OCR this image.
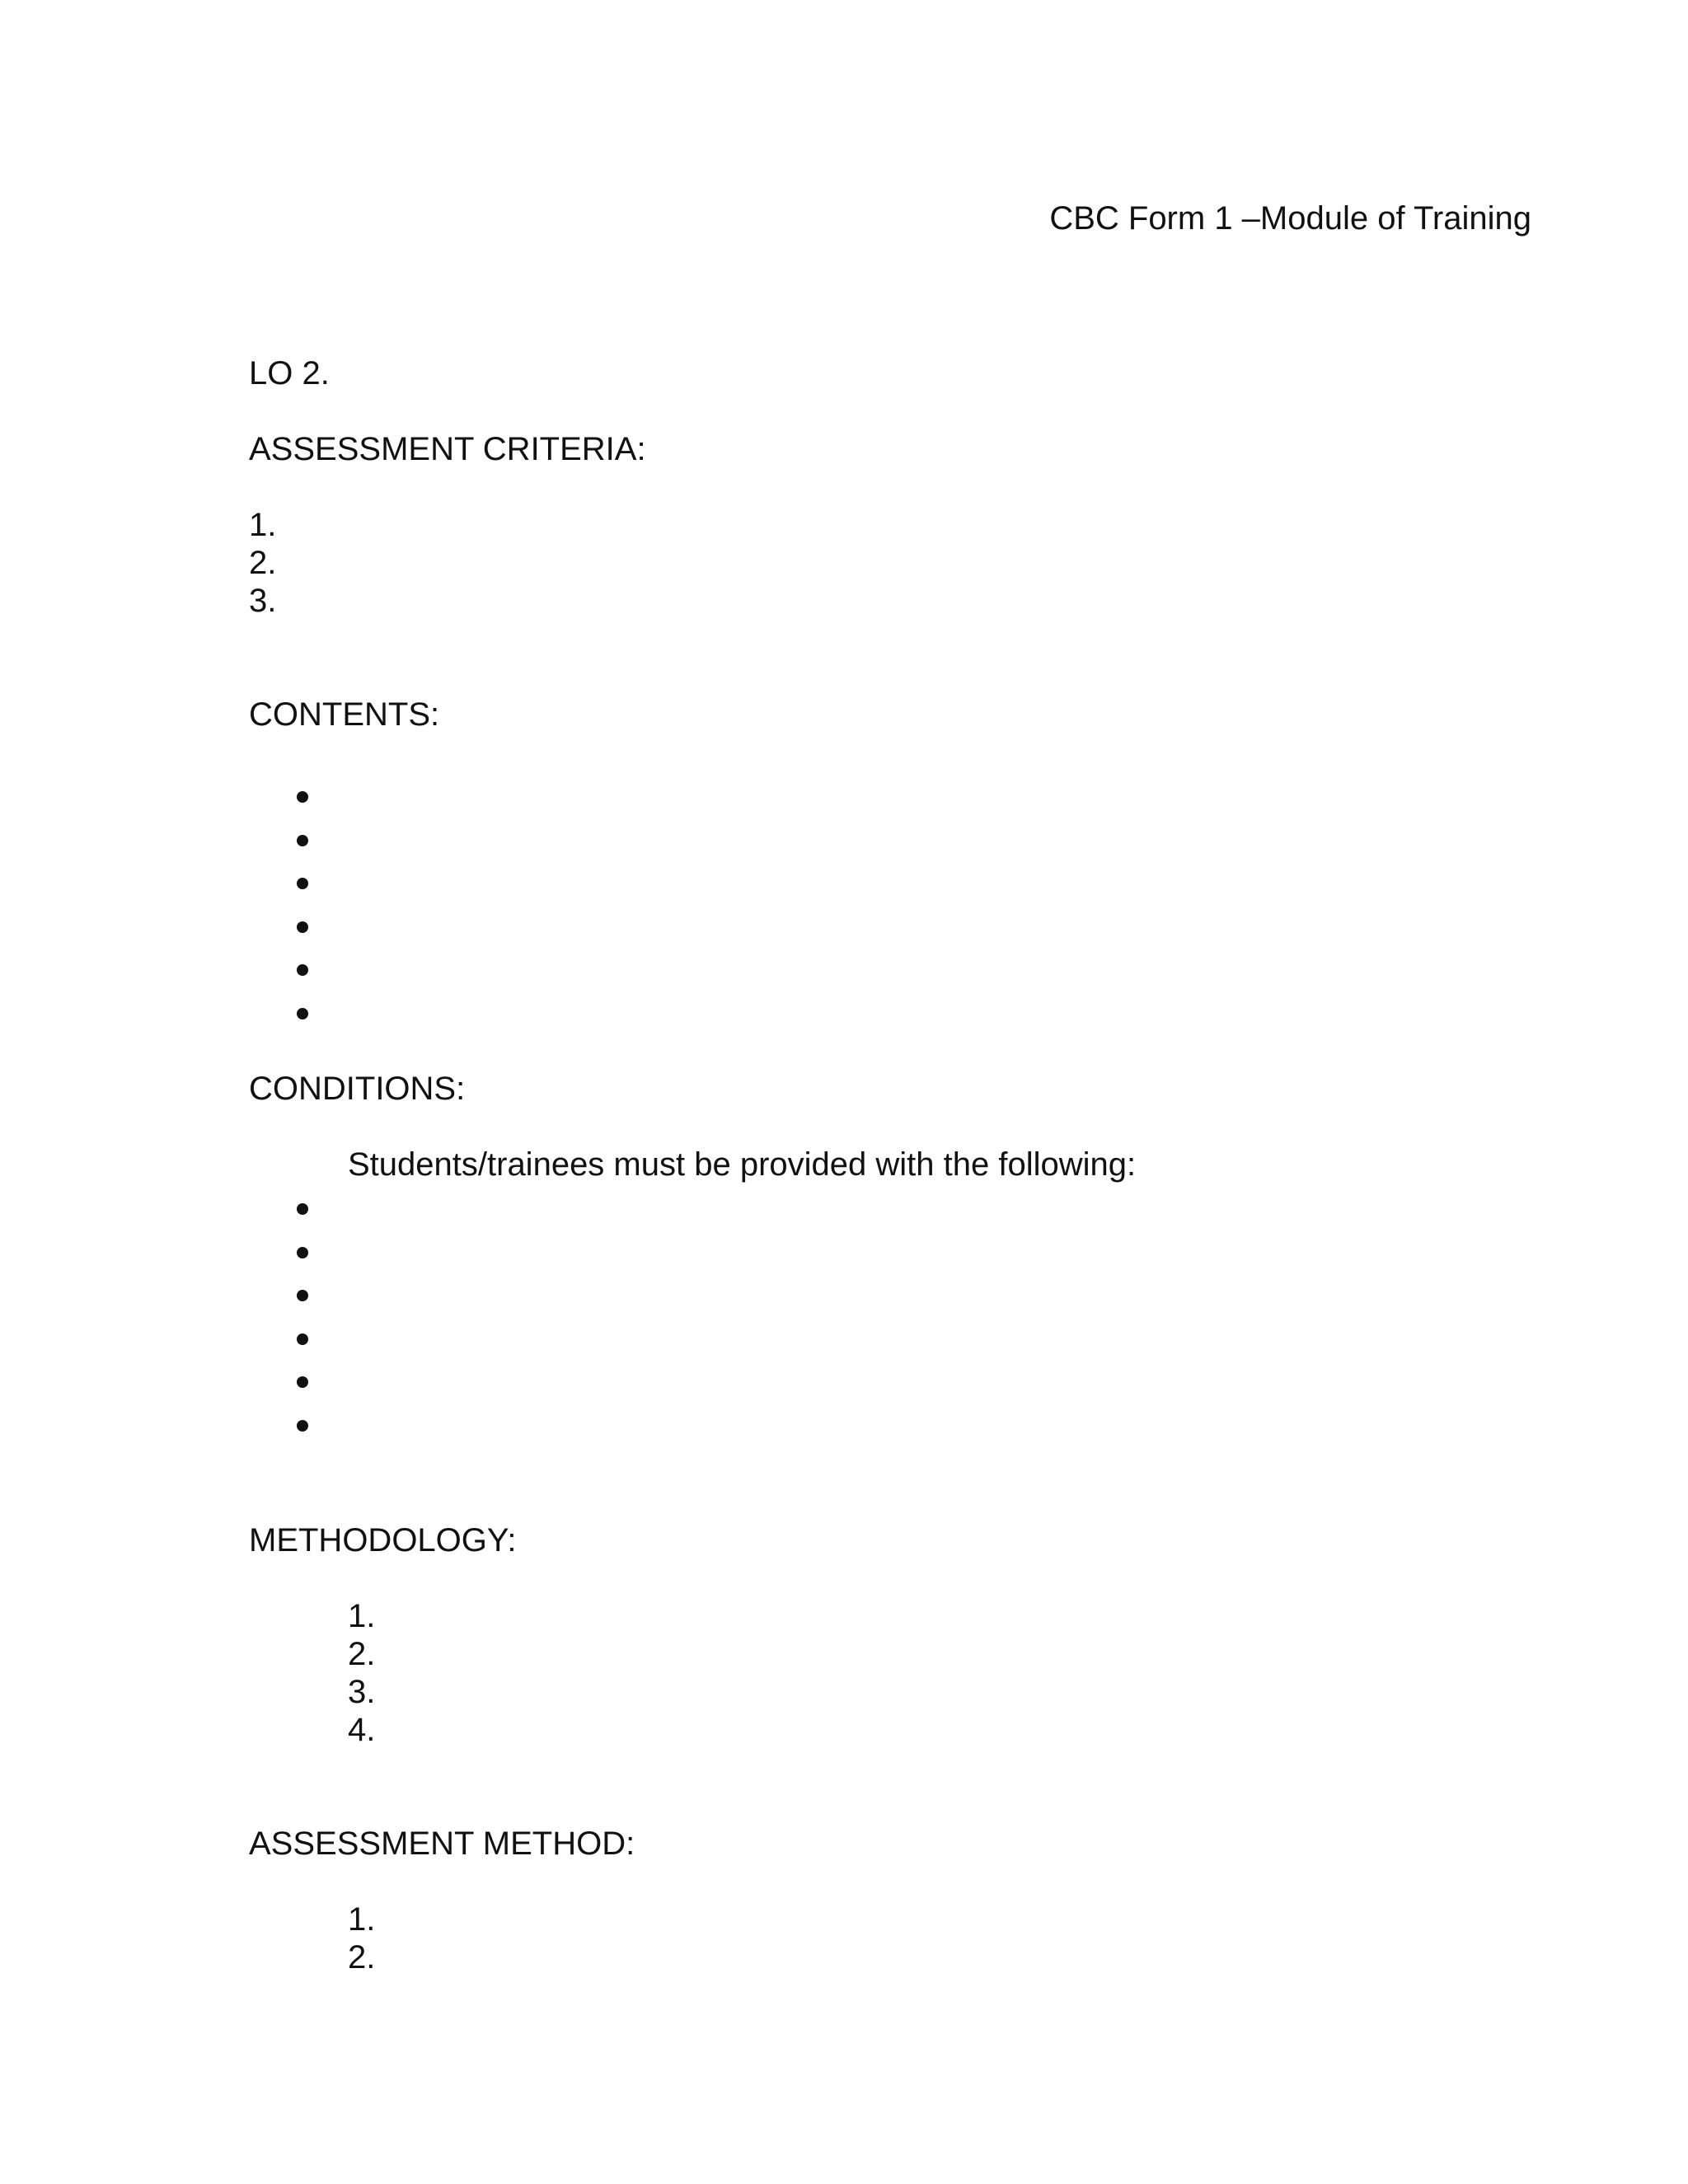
CBC Form 1 –Module of Training
LO 2.
ASSESSMENT CRITERIA:
1.
2.
3.
CONTENTS:
CONDITIONS:
Students/trainees must be provided with the following:
METHODOLOGY:
1.
2.
3.
4.
ASSESSMENT METHOD:
1.
2.
